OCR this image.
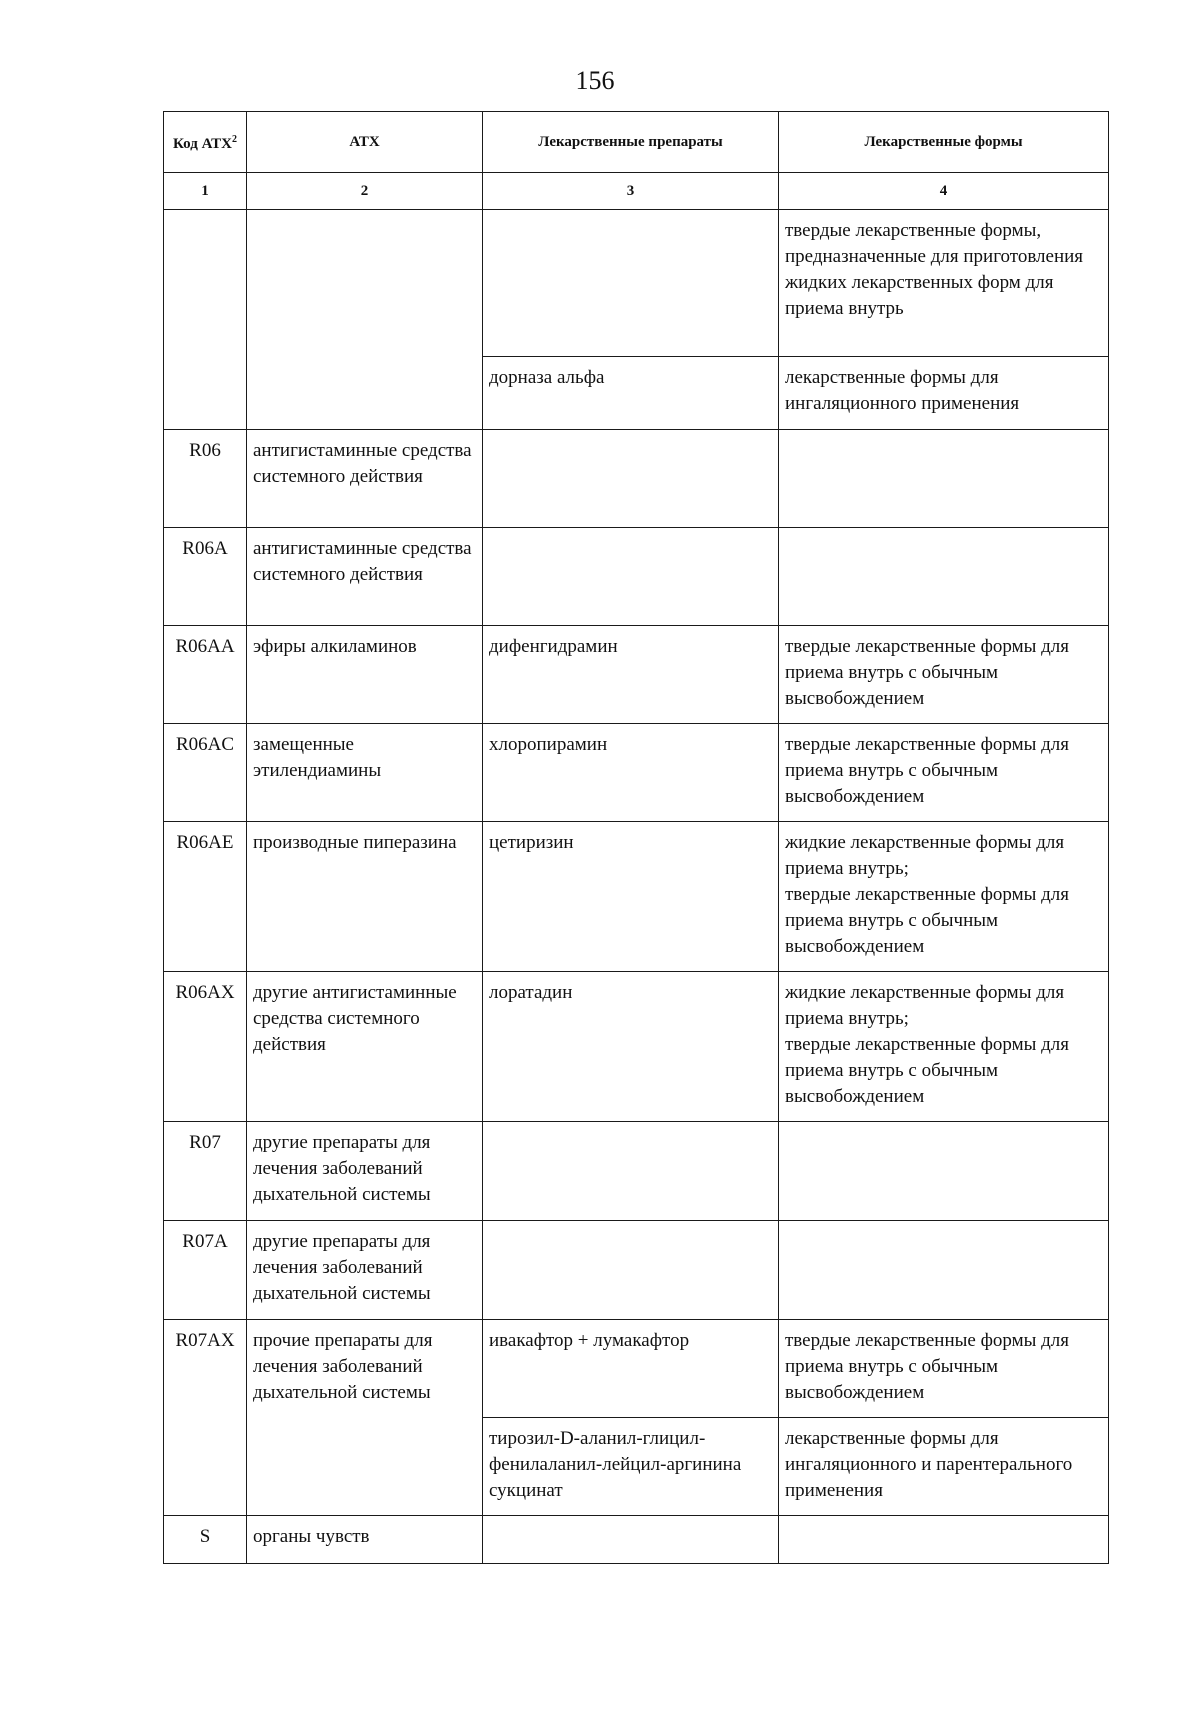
156
Код АТХ$^2$	АТХ	Лекарственные препараты	Лекарственные формы
1	2	3	4
			твердые лекарственные формы, предназначенные для приготовления жидких лекарственных форм для приема внутрь
		дорназа альфа	лекарственные формы для ингаляционного применения
R06	антигистаминные средства системного действия		
R06A	антигистаминные средства системного действия		
R06AA	эфиры алкиламинов	дифенгидрамин	твердые лекарственные формы для приема внутрь с обычным высвобождением
R06AC	замещенные этилендиамины	хлоропирамин	твердые лекарственные формы для приема внутрь с обычным высвобождением
R06AE	производные пиперазина	цетиризин	жидкие лекарственные формы для приема внутрь;
твердые лекарственные формы для приема внутрь с обычным высвобождением
R06AX	другие антигистаминные средства системного действия	лоратадин	жидкие лекарственные формы для приема внутрь;
твердые лекарственные формы для приема внутрь с обычным высвобождением
R07	другие препараты для лечения заболеваний дыхательной системы		
R07A	другие препараты для лечения заболеваний дыхательной системы		
R07AX	прочие препараты для лечения заболеваний дыхательной системы	ивакафтор + лумакафтор	твердые лекарственные формы для приема внутрь с обычным высвобождением
		тирозил-D-аланил-глицил-фенилаланил-лейцил-аргинина сукцинат	лекарственные формы для ингаляционного и парентерального применения
S	органы чувств		
